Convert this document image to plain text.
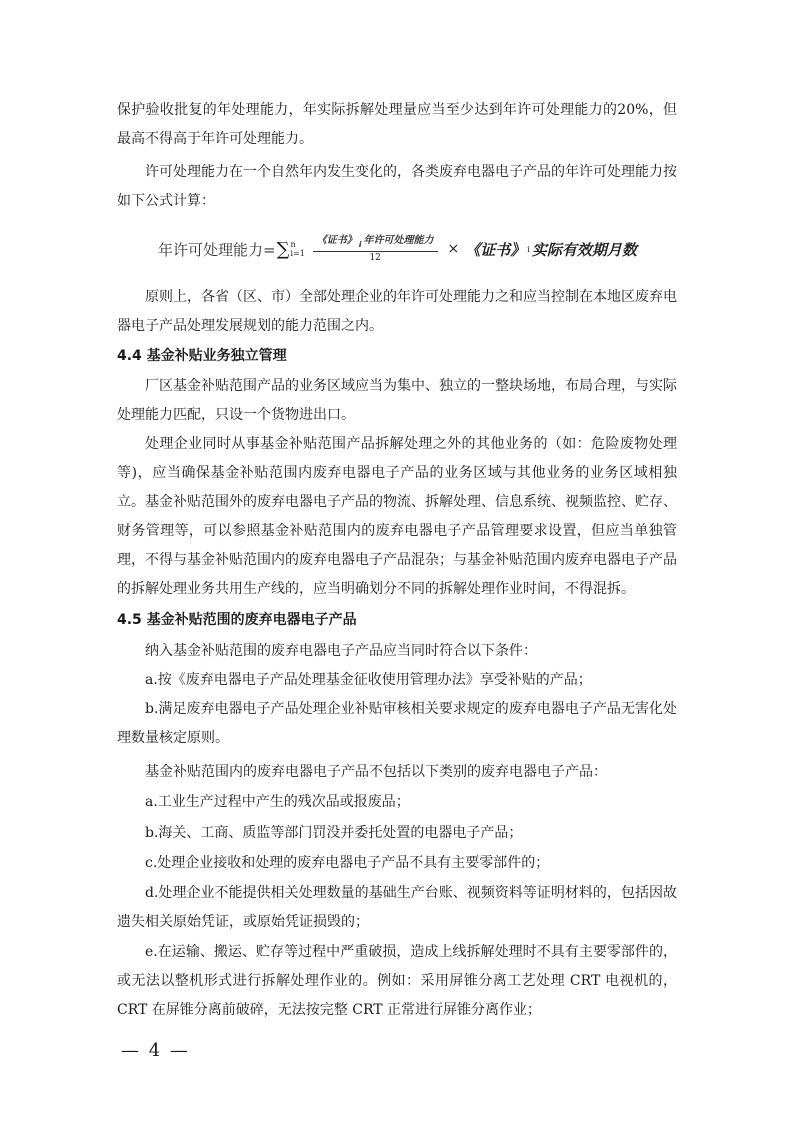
保护验收批复的年处理能力，年实际拆解处理量应当至少达到年许可处理能力的20%，但最高不得高于年许可处理能力。

许可处理能力在一个自然年内发生变化的，各类废弃电器电子产品的年许可处理能力按如下公式计算：

年许可处理能力= ∑ n
$i=1 \frac{《证书》 _i 年许可处理能力}{12}$ × 《证书》 i 实际有效期月数

原则上，各省（区、市）全部处理企业的年许可处理能力之和应当控制在本地区废弃电器电子产品处理发展规划的能力范围之内。

4.4 基金补贴业务独立管理

厂区基金补贴范围产品的业务区域应当为集中、独立的一整块场地，布局合理，与实际处理能力匹配，只设一个货物进出口。

处理企业同时从事基金补贴范围产品拆解处理之外的其他业务的（如：危险废物处理等)，应当确保基金补贴范围内废弃电器电子产品的业务区域与其他业务的业务区域相独立。 基金补贴范围外的废弃电器电子产品的物流、拆解处理、信息系统、视频监控、贮存、财务管理等，可以参照基金补贴范围内的废弃电器电子产品管理要求设置，但应当单独管理，不得与基金补贴范围内的废弃电器电子产品混杂；与基金补贴范围内废弃电器电子产品的拆解处理业务共用生产线的，应当明确划分不同的拆解处理作业时间，不得混拆。

4.5 基金补贴范围的废弃电器电子产品

纳入基金补贴范围的废弃电器电子产品应当同时符合以下条件：

a.按《废弃电器电子产品处理基金征收使用管理办法》享受补贴的产品；

b.满足废弃电器电子产品处理企业补贴审核相关要求规定的废弃电器电子产品无害化处理数量核定原则。

基金补贴范围内的废弃电器电子产品不包括以下类别的废弃电器电子产品：

a.工业生产过程中产生的残次品或报废品；

b.海关、工商、质监等部门罚没并委托处置的电器电子产品；

c.处理企业接收和处理的废弃电器电子产品不具有主要零部件的；

d.处理企业不能提供相关处理数量的基础生产台账、视频资料等证明材料的，包括因故遗失相关原始凭证，或原始凭证损毁的；

e.在运输、搬运、贮存等过程中严重破损，造成上线拆解处理时不具有主要零部件的，或无法以整机形式进行拆解处理作业的。例如：采用屏锥分离工艺处理 CRT 电视机的，CRT 在屏锥分离前破碎，无法按完整 CRT 正常进行屏锥分离作业；

— 4 —
